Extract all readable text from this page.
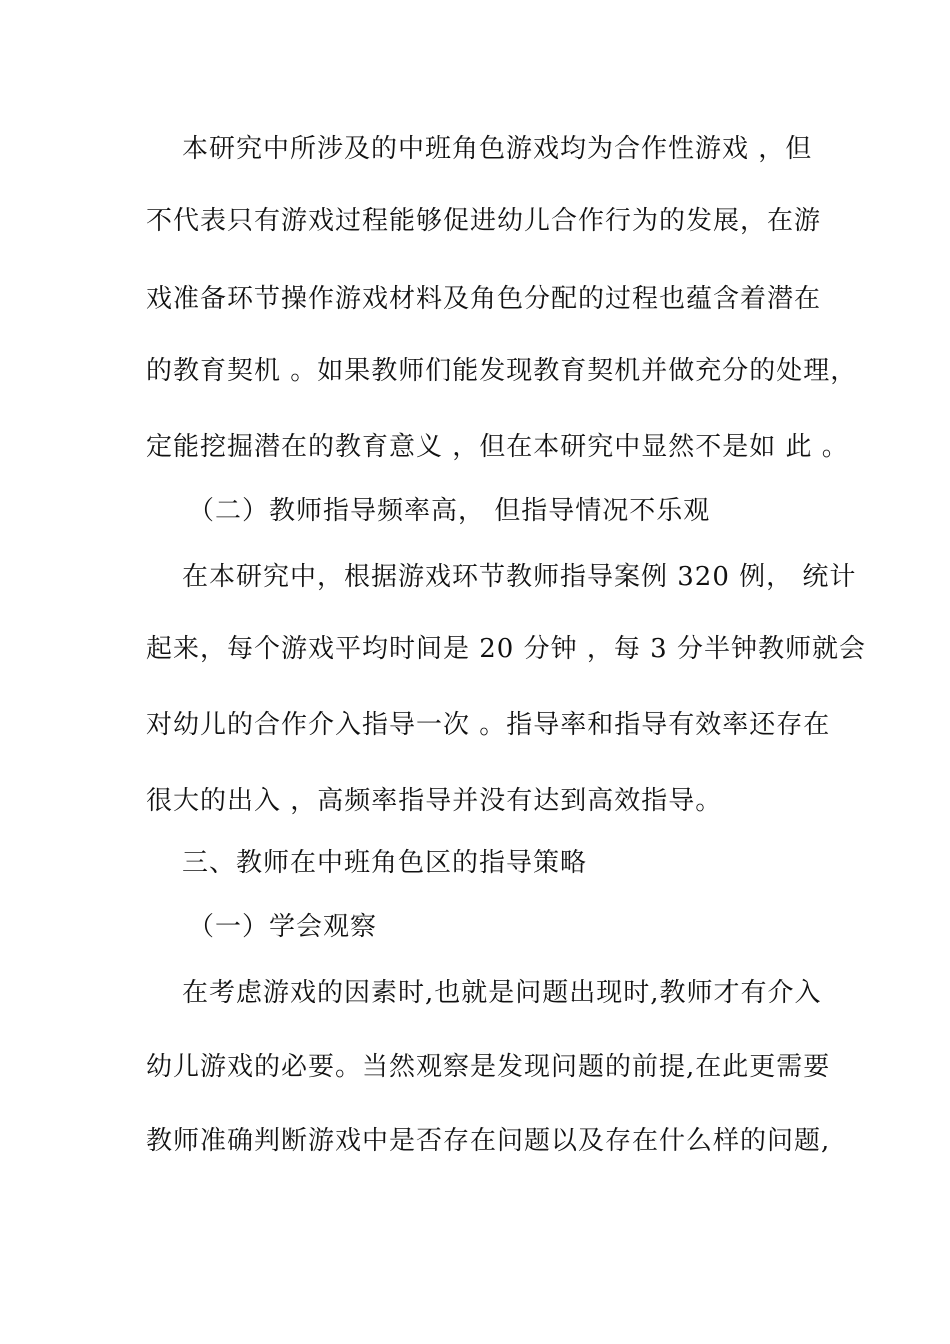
本研究中所涉及的中班角色游戏均为合作性游戏 ，但
不代表只有游戏过程能够促进幼儿合作行为的发展，在游
戏准备环节操作游戏材料及角色分配的过程也蕴含着潜在
的教育契机 。如果教师们能发现教育契机并做充分的处理，
定能挖掘潜在的教育意义 ，但在本研究中显然不是如 此 。
（二）教师指导频率高， 但指导情况不乐观
在本研究中，根据游戏环节教师指导案例 320 例， 统计
起来，每个游戏平均时间是 20 分钟 ，每 3 分半钟教师就会
对幼儿的合作介入指导一次 。指导率和指导有效率还存在
很大的出入 ，高频率指导并没有达到高效指导。
三、教师在中班角色区的指导策略
（一）学会观察
在考虑游戏的因素时,也就是问题出现时,教师才有介入
幼儿游戏的必要。当然观察是发现问题的前提,在此更需要
教师准确判断游戏中是否存在问题以及存在什么样的问题,
